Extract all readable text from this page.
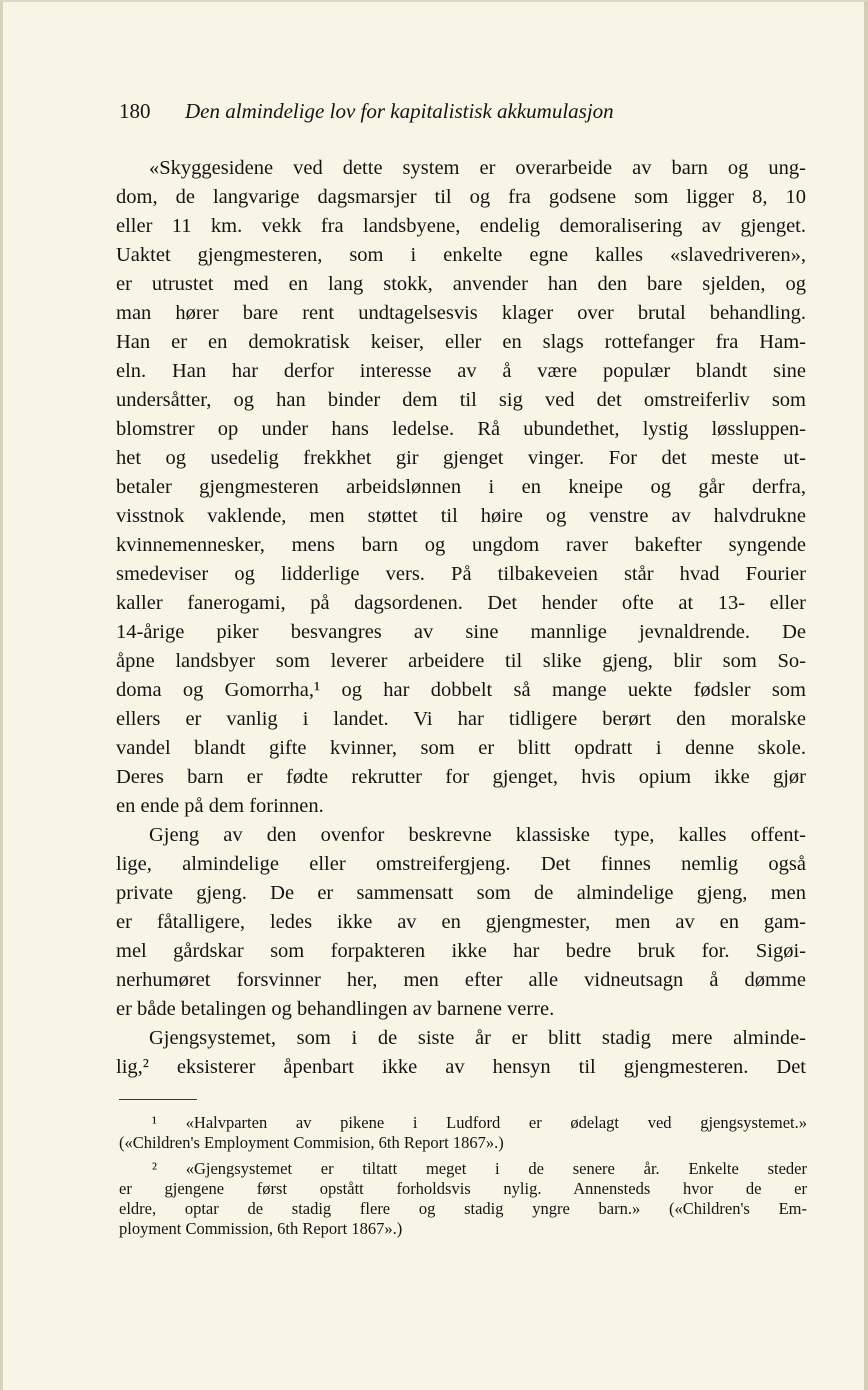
180 Den almindelige lov for kapitalistisk akkumulasjon
«Skyggesidene ved dette system er overarbeide av barn og ung-
dom, de langvarige dagsmarsjer til og fra godsene som ligger 8, 10
eller 11 km. vekk fra landsbyene, endelig demoralisering av gjenget.
Uaktet gjengmesteren, som i enkelte egne kalles «slavedriveren»,
er utrustet med en lang stokk, anvender han den bare sjelden, og
man hører bare rent undtagelsesvis klager over brutal behandling.
Han er en demokratisk keiser, eller en slags rottefanger fra Ham-
eln. Han har derfor interesse av å være populær blandt sine
undersåtter, og han binder dem til sig ved det omstreiferliv som
blomstrer op under hans ledelse. Rå ubundethet, lystig løssluppen-
het og usedelig frekkhet gir gjenget vinger. For det meste ut-
betaler gjengmesteren arbeidslønnen i en kneipe og går derfra,
visstnok vaklende, men støttet til høire og venstre av halvdrukne
kvinnemennesker, mens barn og ungdom raver bakefter syngende
smedeviser og lidderlige vers. På tilbakeveien står hvad Fourier
kaller fanerogami, på dagsordenen. Det hender ofte at 13- eller
14-årige piker besvangres av sine mannlige jevnaldrende. De
åpne landsbyer som leverer arbeidere til slike gjeng, blir som So-
doma og Gomorrha,¹ og har dobbelt så mange uekte fødsler som
ellers er vanlig i landet. Vi har tidligere berørt den moralske
vandel blandt gifte kvinner, som er blitt opdratt i denne skole.
Deres barn er fødte rekrutter for gjenget, hvis opium ikke gjør
en ende på dem forinnen.
Gjeng av den ovenfor beskrevne klassiske type, kalles offent-
lige, almindelige eller omstreifergjeng. Det finnes nemlig også
private gjeng. De er sammensatt som de almindelige gjeng, men
er fåtalligere, ledes ikke av en gjengmester, men av en gam-
mel gårdskar som forpakteren ikke har bedre bruk for. Sigøi-
nerhumøret forsvinner her, men efter alle vidneutsagn å dømme
er både betalingen og behandlingen av barnene verre.
Gjengsystemet, som i de siste år er blitt stadig mere alminde-
lig,² eksisterer åpenbart ikke av hensyn til gjengmesteren. Det
¹ «Halvparten av pikene i Ludford er ødelagt ved gjengsystemet.»
(«Children's Employment Commision, 6th Report 1867».)
² «Gjengsystemet er tiltatt meget i de senere år. Enkelte steder
er gjengene først opstått forholdsvis nylig. Annensteds hvor de er
eldre, optar de stadig flere og stadig yngre barn.» («Children's Em-
ployment Commission, 6th Report 1867».)
